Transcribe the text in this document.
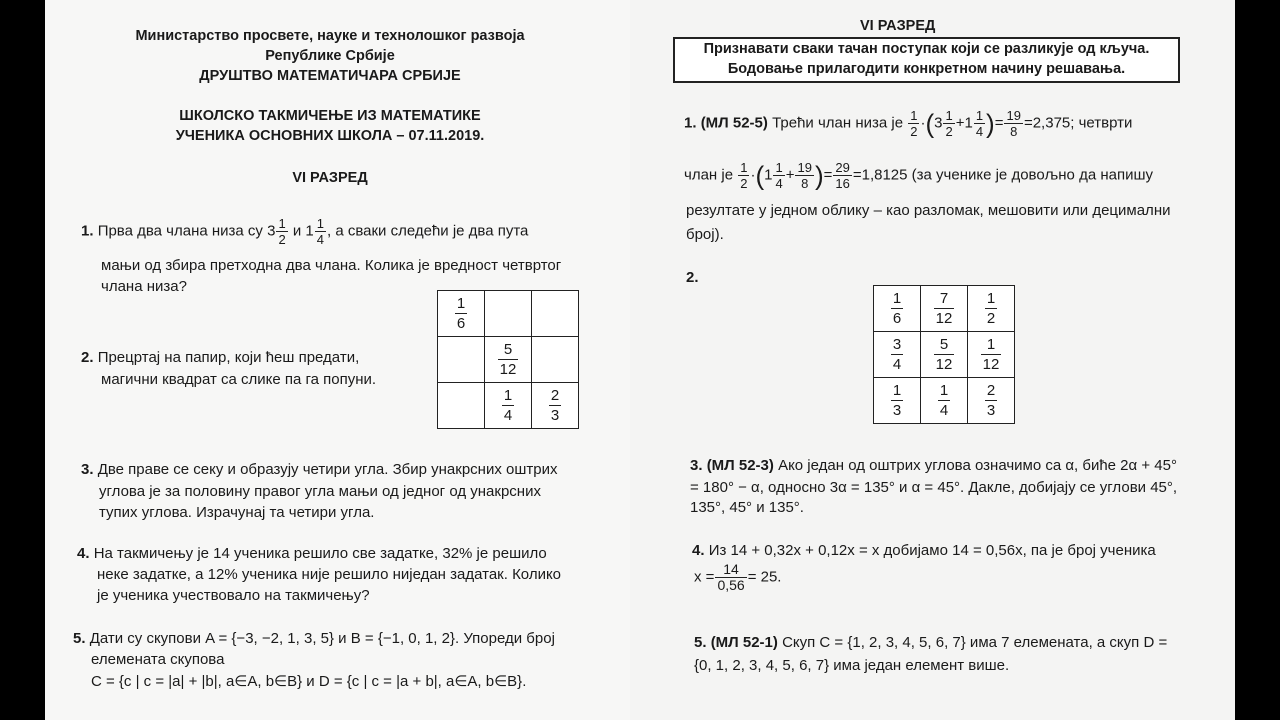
Министарство просвете, науке и технолошког развоја
Републике Србије
ДРУШТВО МАТЕМАТИЧАРА СРБИЈЕ
ШКОЛСКО ТАКМИЧЕЊЕ ИЗ МАТЕМАТИКЕ
УЧЕНИКА ОСНОВНИХ ШКОЛА – 07.11.2019.
VI РАЗРЕД
1. Прва два члана низа су $3 \frac{1}{2}$ и $1 \frac{1}{4}$ , а сваки следећи је два пута
мањи од збира претходна два члана. Колика је вредност четвртог
члана низа?
2. Прецртај на папир, који ћеш предати,
магични квадрат са слике па га попуни.
$\frac{1}{6}$

	$\frac{5}{12}$

	$\frac{1}{4}$	$\frac{2}{3}$
3. Две праве се секу и образују четири угла. Збир унакрсних оштрих
углова је за половину правог угла мањи од једног од унакрсних
тупих углова. Израчунај та четири угла.
4. На такмичењу је 14 ученика решило све задатке, 32% је решило
неке задатке, а 12% ученика није решило ниједан задатак. Колико
је ученика учествовало на такмичењу?
5. Дати су скупови A = {−3, −2, 1, 3, 5} и B = {−1, 0, 1, 2}. Упореди број
елемената скупова
C = {c | c = |a| + |b|, a∈A, b∈B} и D = {c | c = |a + b|, a∈A, b∈B}.
VI РАЗРЕД
Признавати сваки тачан поступак који се разликује од кључа.
Бодовање прилагодити конкретном начину решавања.
1. (МЛ 52-5) Трећи члан низа је $\frac{1}{2} \cdot(3 \frac{1}{2} +1 \frac{1}{4}$ )= $\frac{19}{8} =2,375$; четврти
члан је $\frac{1}{2} \cdot(1 \frac{1}{4} + \frac{19}{8}$ )= $\frac{29}{16} =1,8125$ (за ученике је довољно да напишу
резултате у једном облику – као разломак, мешовити или децимални
број).
2.
$\frac{1}{6}$	$\frac{7}{12}$	$\frac{1}{2}$

$\frac{3}{4}$	$\frac{5}{12}$	$\frac{1}{12}$

$\frac{1}{3}$	$\frac{1}{4}$	$\frac{2}{3}$
3. (МЛ 52-3) Ако један од оштрих углова означимо са α, биће 2α + 45°
= 180° − α, односно 3α = 135° и α = 45°. Дакле, добијају се углови 45°,
135°, 45° и 135°.
4. Из 14 + 0,32x + 0,12x = x добијамо 14 = 0,56x, па је број ученика
$x = \frac{14}{0,56} = 25$.
5. (МЛ 52-1) Скуп C = {1, 2, 3, 4, 5, 6, 7} има 7 елемената, а скуп D =
{0, 1, 2, 3, 4, 5, 6, 7} има један елемент више.
